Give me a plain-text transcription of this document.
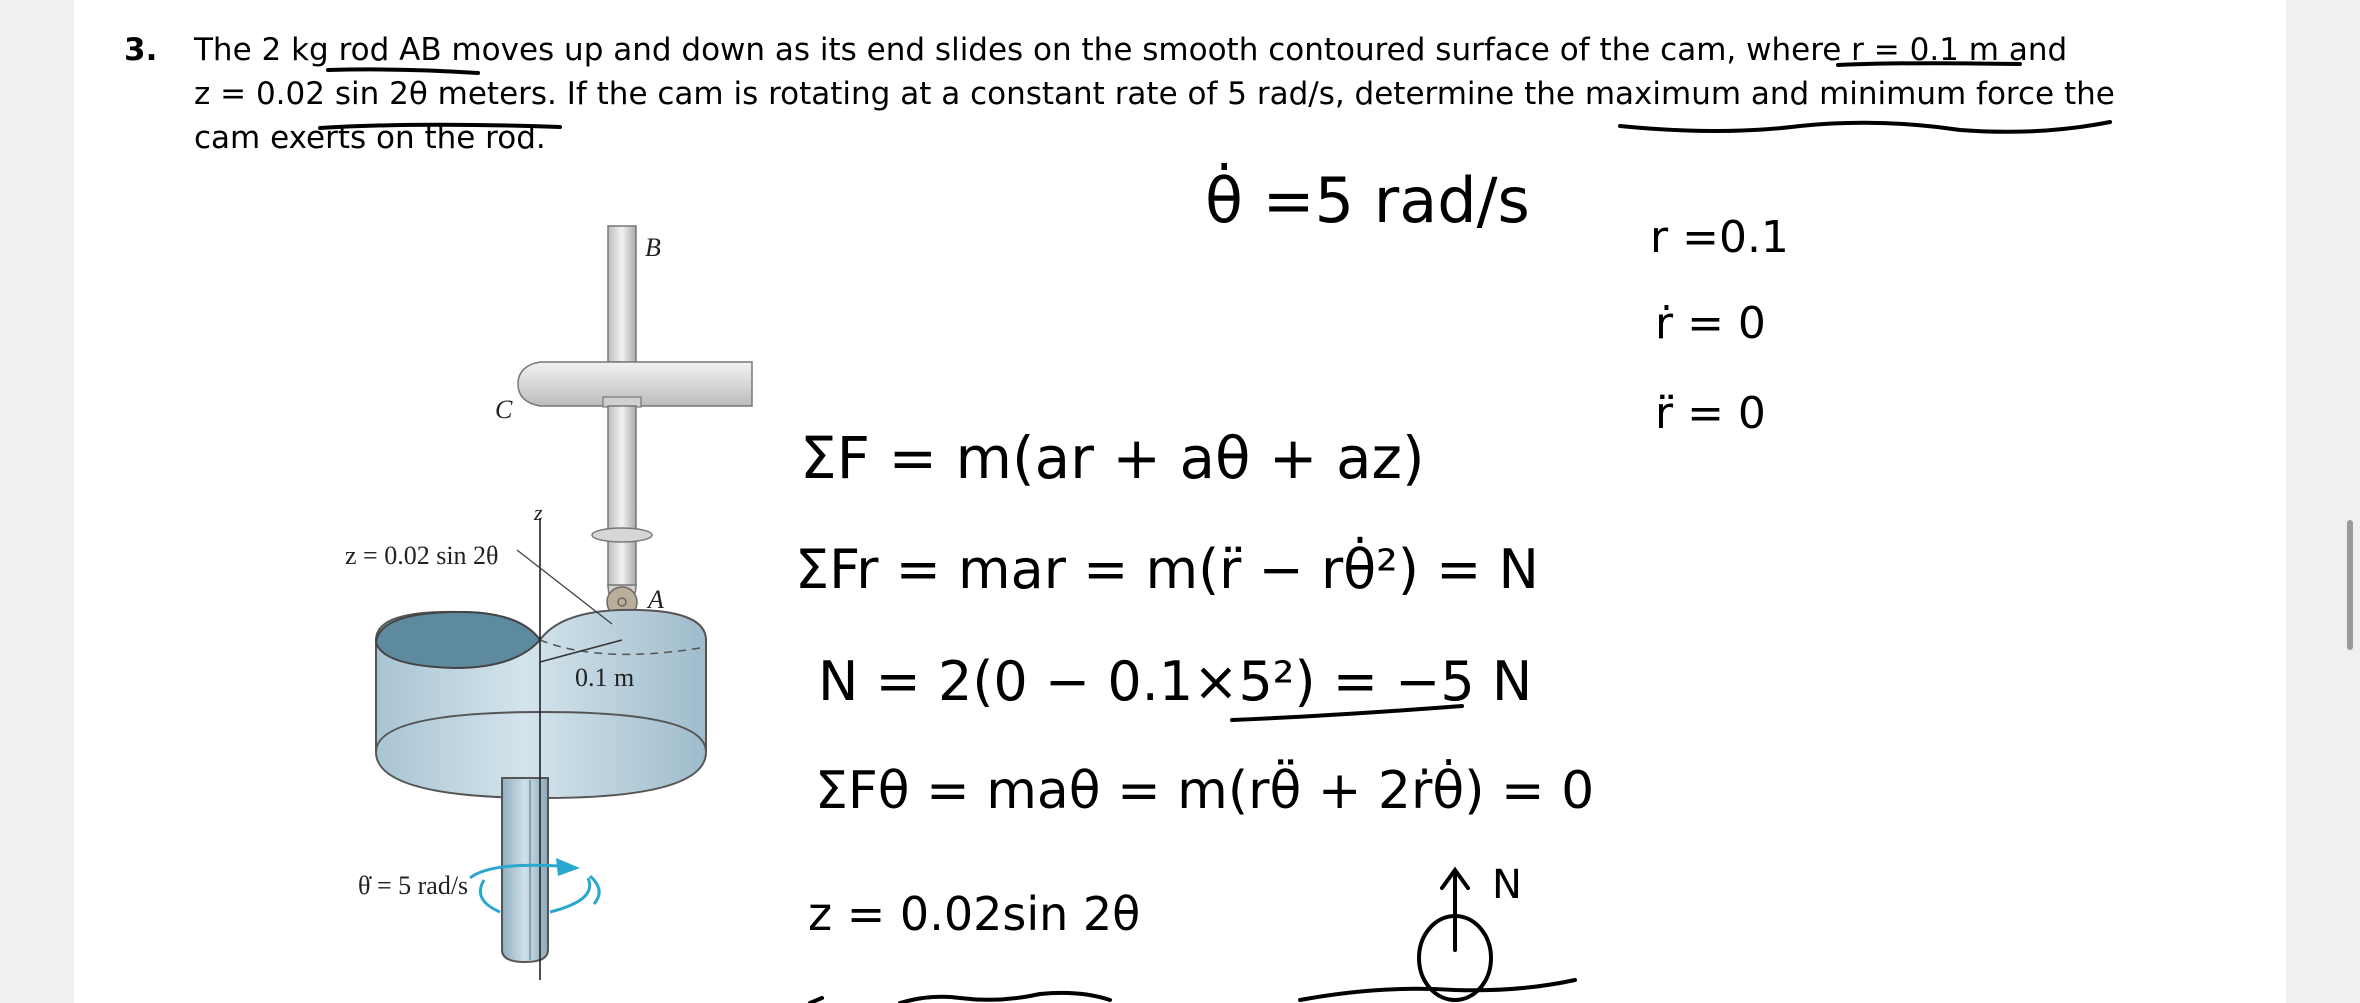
3. The 2 kg rod AB moves up and down as its end slides on the smooth contoured surface of the cam, where r = 0.1 m and
z = 0.02 sin 2θ meters. If the cam is rotating at a constant rate of 5 rad/s, determine the maximum and minimum force the
cam exerts on the rod.
B
C
z
A
z = 0.02 sin 2θ
0.1 m
θ̇ = 5 rad/s
θ̇ =5 rad/s
r =0.1
ṙ = 0
r̈ = 0
ΣF = m(ar + aθ + az)
ΣFr = mar = m(r̈ − rθ̇²) = N
N = 2(0 − 0.1×5²) = −5 N
ΣFθ = maθ = m(rθ̈ + 2ṙθ̇) = 0
z = 0.02sin 2θ
N
